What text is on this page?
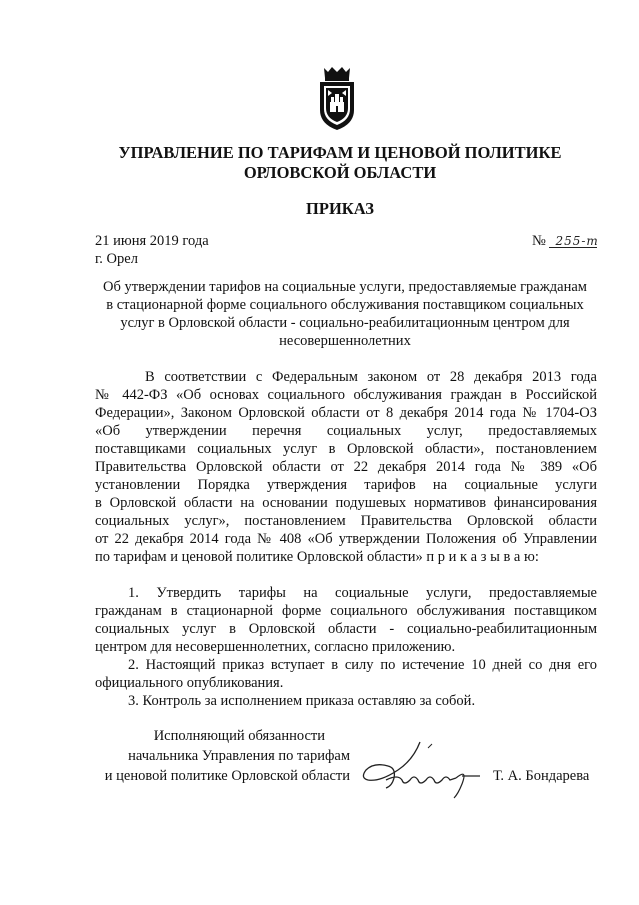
УПРАВЛЕНИЕ ПО ТАРИФАМ И ЦЕНОВОЙ ПОЛИТИКЕ
ОРЛОВСКОЙ ОБЛАСТИ
ПРИКАЗ
21 июня 2019 года
г. Орел
№ 255-т
Об утверждении тарифов на социальные услуги, предоставляемые гражданам
в стационарной форме социального обслуживания поставщиком социальных
услуг в Орловской области - социально-реабилитационным центром для
несовершеннолетних
В соответствии с Федеральным законом от 28 декабря 2013 года
№ 442-ФЗ «Об основах социального обслуживания граждан в Российской
Федерации», Законом Орловской области от 8 декабря 2014 года № 1704-ОЗ
«Об утверждении перечня социальных услуг, предоставляемых
поставщиками социальных услуг в Орловской области», постановлением
Правительства Орловской области от 22 декабря 2014 года № 389 «Об
установлении Порядка утверждения тарифов на социальные услуги
в Орловской области на основании подушевых нормативов финансирования
социальных услуг», постановлением Правительства Орловской области
от 22 декабря 2014 года № 408 «Об утверждении Положения об Управлении
по тарифам и ценовой политике Орловской области» п р и к а з ы в а ю:
1. Утвердить тарифы на социальные услуги, предоставляемые
гражданам в стационарной форме социального обслуживания поставщиком
социальных услуг в Орловской области - социально-реабилитационным
центром для несовершеннолетних, согласно приложению.
2. Настоящий приказ вступает в силу по истечение 10 дней со дня его
официального опубликования.
3. Контроль за исполнением приказа оставляю за собой.
Исполняющий обязанности
начальника Управления по тарифам
и ценовой политике Орловской области	Т. А. Бондарева
